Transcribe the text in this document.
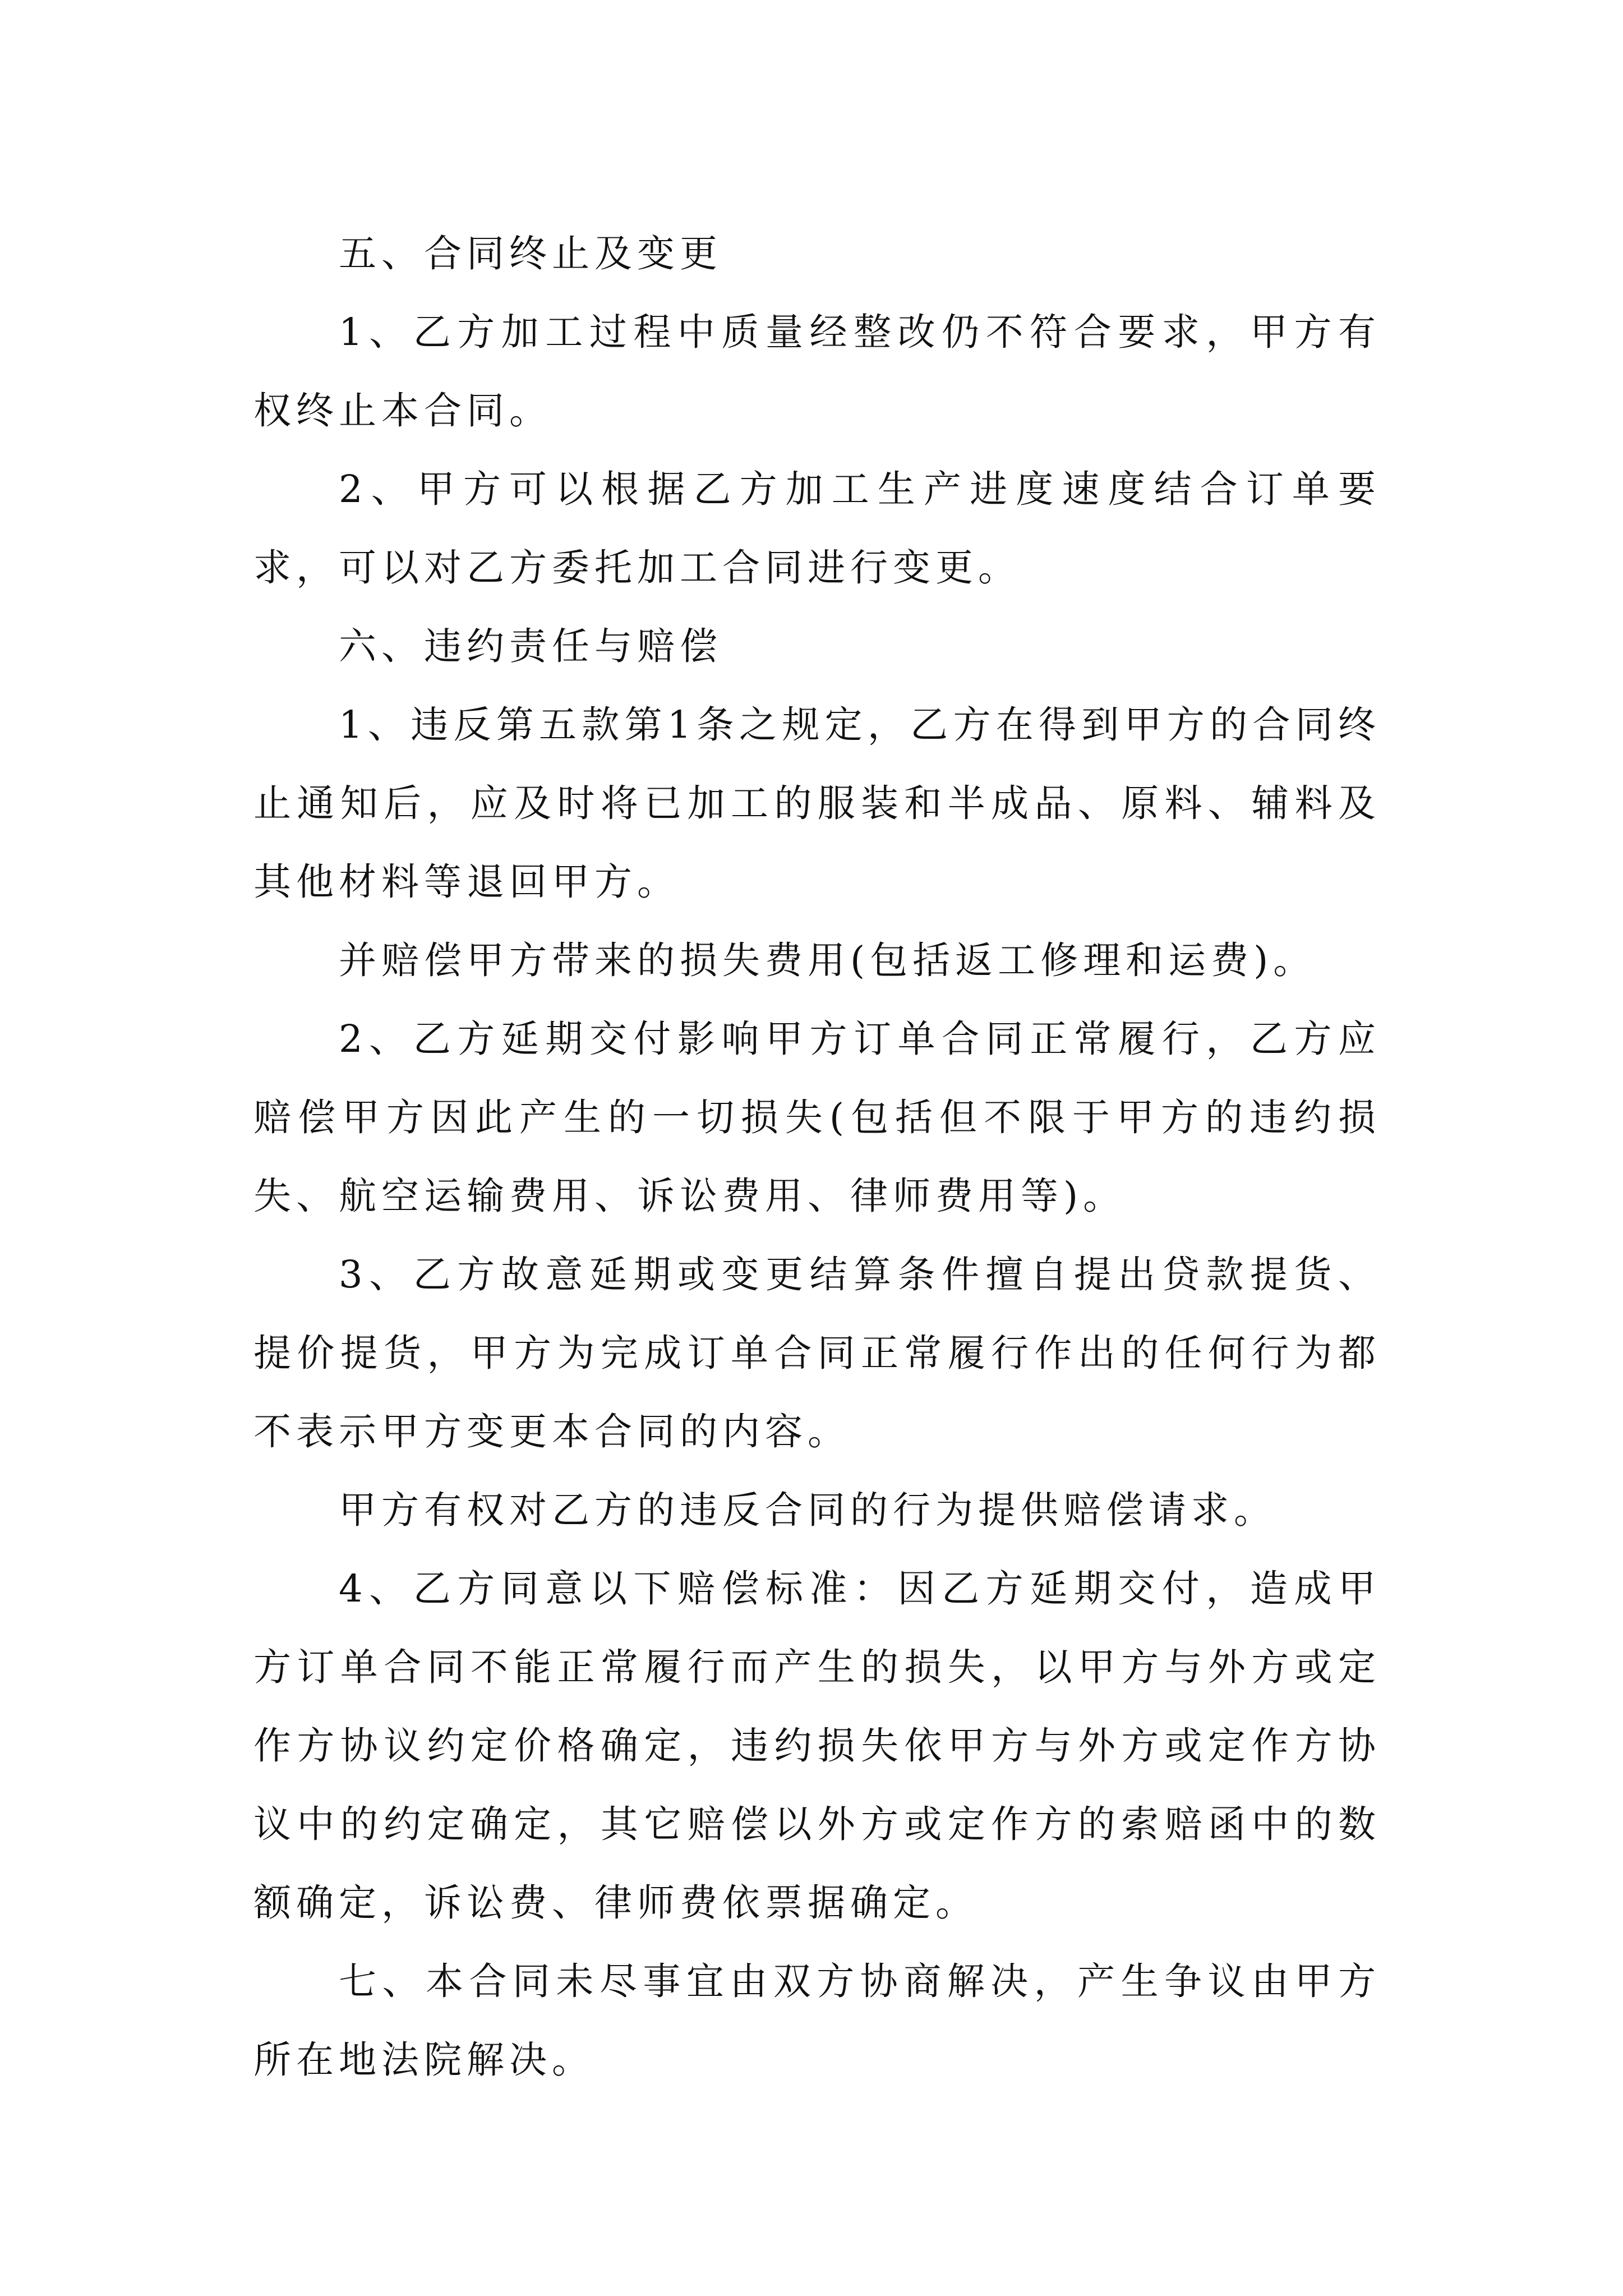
五、合同终止及变更

1、乙方加工过程中质量经整改仍不符合要求，甲方有权终止本合同。

2、甲方可以根据乙方加工生产进度速度结合订单要求，可以对乙方委托加工合同进行变更。

六、违约责任与赔偿

1、违反第五款第1条之规定，乙方在得到甲方的合同终止通知后，应及时将已加工的服装和半成品、原料、辅料及其他材料等退回甲方。

并赔偿甲方带来的损失费用(包括返工修理和运费)。

2、乙方延期交付影响甲方订单合同正常履行，乙方应赔偿甲方因此产生的一切损失(包括但不限于甲方的违约损失、航空运输费用、诉讼费用、律师费用等)。

3、乙方故意延期或变更结算条件擅自提出贷款提货、提价提货，甲方为完成订单合同正常履行作出的任何行为都不表示甲方变更本合同的内容。

甲方有权对乙方的违反合同的行为提供赔偿请求。

4、乙方同意以下赔偿标准：因乙方延期交付，造成甲方订单合同不能正常履行而产生的损失，以甲方与外方或定作方协议约定价格确定，违约损失依甲方与外方或定作方协议中的约定确定，其它赔偿以外方或定作方的索赔函中的数额确定，诉讼费、律师费依票据确定。

七、本合同未尽事宜由双方协商解决，产生争议由甲方所在地法院解决。
